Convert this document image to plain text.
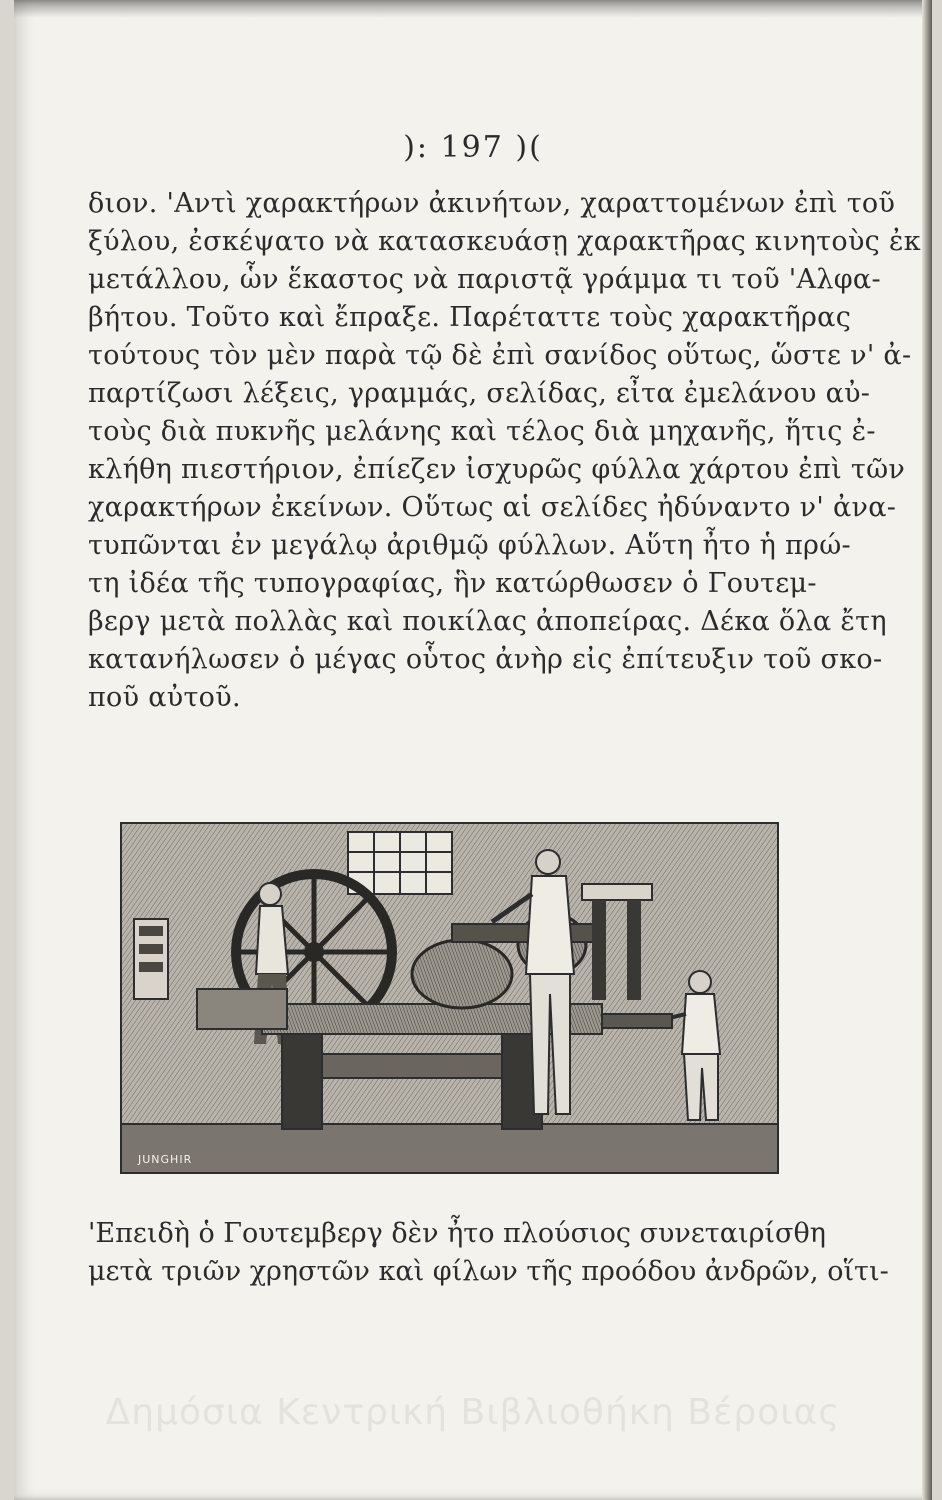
): 197 )(
διον. 'Αντὶ χαρακτήρων ἀκινήτων, χαραττομένων ἐπὶ τοῦ
ξύλου, ἐσκέψατο νὰ κατασκευάσῃ χαρακτῆρας κινητοὺς ἐκ
μετάλλου, ὧν ἕκαστος νὰ παριστᾷ γράμμα τι τοῦ 'Αλφα-
βήτου. Τοῦτο καὶ ἔπραξε. Παρέταττε τοὺς χαρακτῆρας
τούτους τὸν μὲν παρὰ τῷ δὲ ἐπὶ σανίδος οὕτως, ὥστε ν' ἀ-
παρτίζωσι λέξεις, γραμμάς, σελίδας, εἶτα ἐμελάνου αὐ-
τοὺς διὰ πυκνῆς μελάνης καὶ τέλος διὰ μηχανῆς, ἥτις ἐ-
κλήθη πιεστήριον, ἐπίεζεν ἰσχυρῶς φύλλα χάρτου ἐπὶ τῶν
χαρακτήρων ἐκείνων. Οὕτως αἱ σελίδες ἠδύναντο ν' ἀνα-
τυπῶνται ἐν μεγάλῳ ἀριθμῷ φύλλων. Αὕτη ἦτο ἡ πρώ-
τη ἰδέα τῆς τυπογραφίας, ἣν κατώρθωσεν ὁ Γουτεμ-
βεργ μετὰ πολλὰς καὶ ποικίλας ἀποπείρας. Δέκα ὅλα ἔτη
κατανήλωσεν ὁ μέγας οὗτος ἀνὴρ εἰς ἐπίτευξιν τοῦ σκο-
ποῦ αὐτοῦ.
JUNGHIR
'Επειδὴ ὁ Γουτεμβεργ δὲν ἦτο πλούσιος συνεταιρίσθη
μετὰ τριῶν χρηστῶν καὶ φίλων τῆς προόδου ἀνδρῶν, οἵτι-
Δημόσια Κεντρική Βιβλιοθήκη Βέροιας
